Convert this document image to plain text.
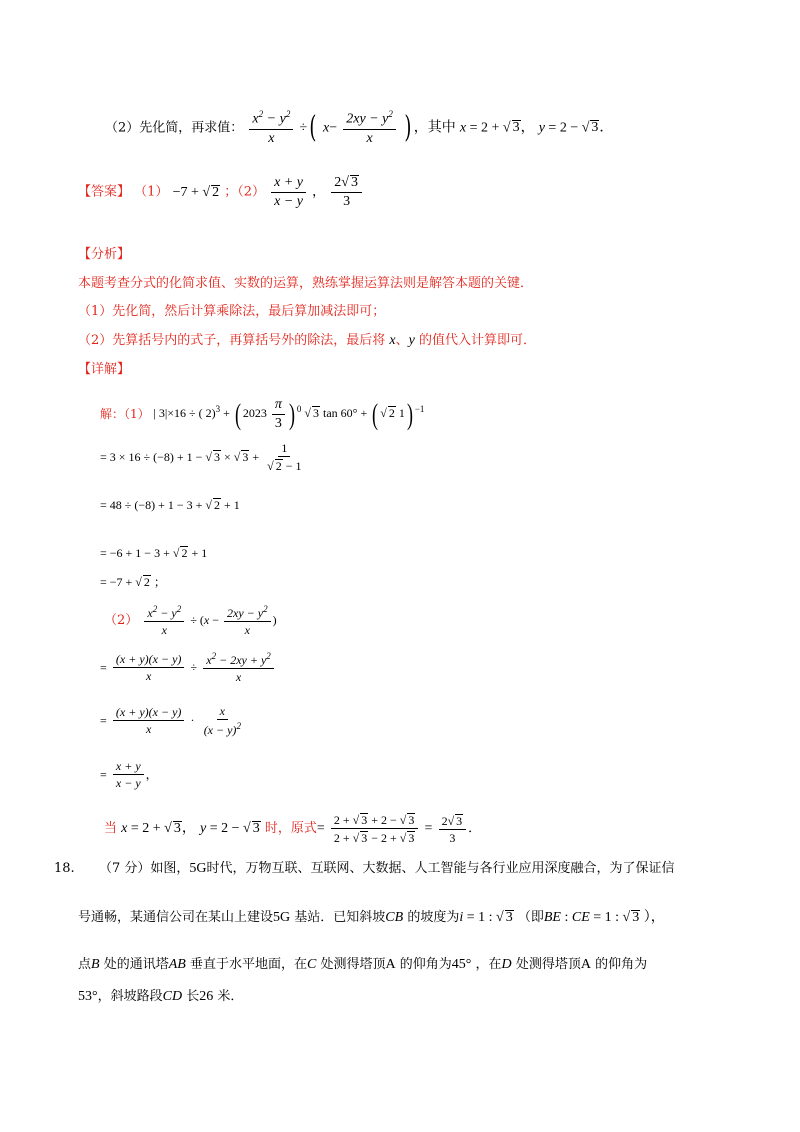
（2）先化简，再求值： $\frac{x^2 - y^2}{x}$ ÷( $x- \frac{2xy - y^2}{x}$ ) ，其中 x = 2 + √ 3， y = 2 − √ 3．
【答案】 （1） −7 + √ 2 ；$(2) \frac{x + y}{x - y}$ ， $\frac{2√ 3}{3}$
【分析】
本题考查分式的化简求值、实数的运算，熟练掌握运算法则是解答本题的关键．
（1）先化简，然后计算乘除法，最后算加减法即可；
（2）先算括号内的式子，再算括号外的除法，最后将 x、y 的值代入计算即可．
【详解】
解：（1） | 3|×16 ÷ ( 2)$^3$ + ( $2023 \frac{\pi}{3}$ ) $^0$ √ 3 tan 60° + ( √ 2 1) $^{-1}$
= 3 × 16 ÷ (−8) + 1 − √ 3 × √ $3 + \frac{1}{√ 2 - 1}$
= 48 ÷ (−8) + 1 − 3 + √ 2 + 1
= −6 + 1 − 3 + √ 2 + 1
= −7 + √ 2 ；
$(2) \frac{x^2 - y^2}{x} \div (x - \frac{2xy - y^2}{x}$ )
= $\frac{(x + y)(x - y)}{x} \div \frac{x^2 - 2xy + y^2}{x}$
= $\frac{(x + y)(x - y)}{x} \cdot \frac{x}{(x - y)^2}$
= $\frac{x + y}{x - y}$ ，
当 x = 2 + √ 3， y = 2 − √ 3 时，原式= $\frac{2 + √ 3 + 2 - √ 3}{2 + √ 3 - 2 + √ 3} = \frac{2√ 3}{3}$ ．
18. （7 分）如图，5G时代，万物互联、互联网、大数据、人工智能与各行业应用深度融合，为了保证信
号通畅，某通信公司在某山上建设5G 基站．已知斜坡CB 的坡度为i = 1 : √ 3 （即BE : CE = 1 : √ 3 ），
点B 处的通讯塔AB 垂直于水平地面，在C 处测得塔顶A 的仰角为45° ，在D 处测得塔顶A 的仰角为
53°，斜坡路段CD 长26 米．
